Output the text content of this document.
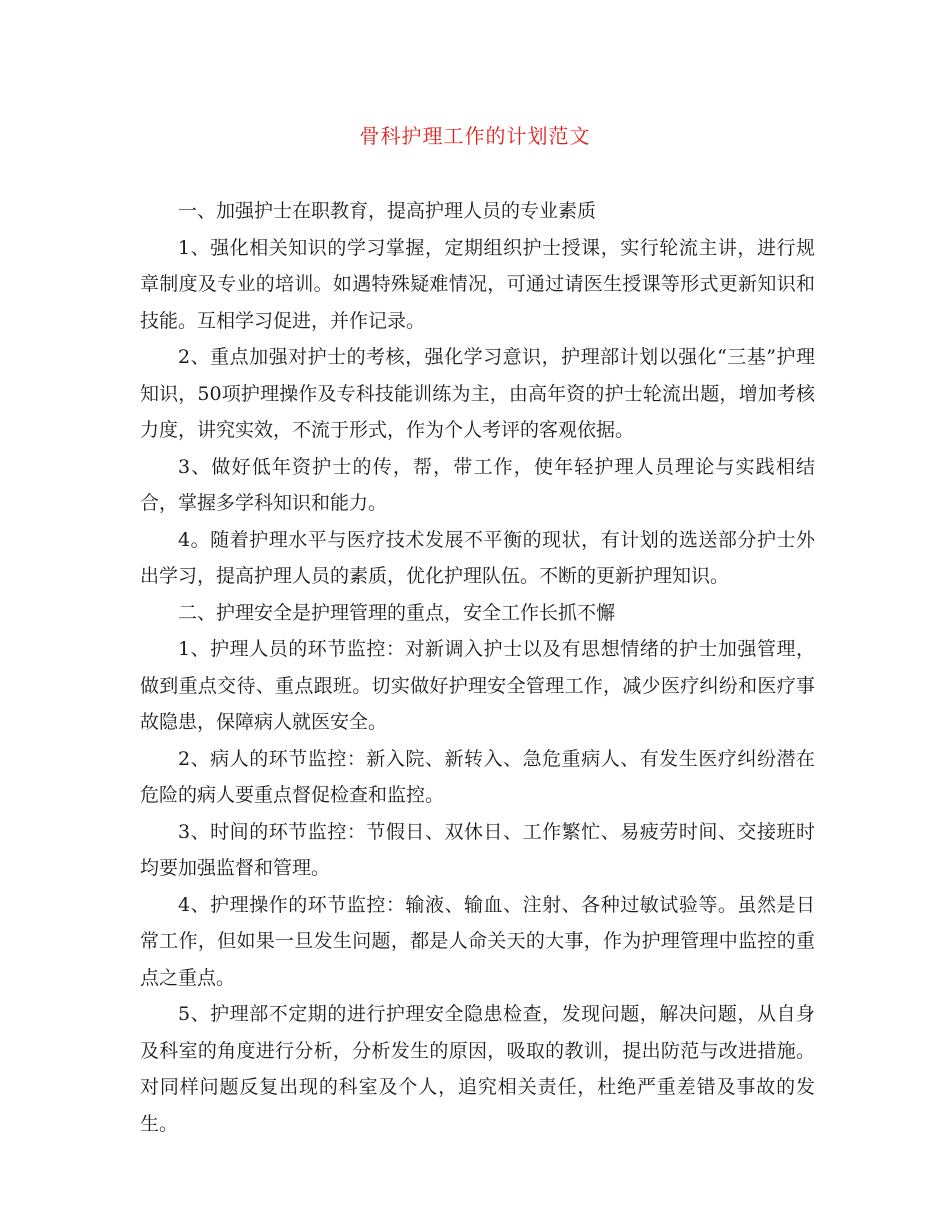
骨科护理工作的计划范文

一、加强护士在职教育，提高护理人员的专业素质

1、强化相关知识的学习掌握，定期组织护士授课，实行轮流主讲，进行规章制度及专业的培训。如遇特殊疑难情况，可通过请医生授课等形式更新知识和技能。互相学习促进，并作记录。

2、重点加强对护士的考核，强化学习意识，护理部计划以强化“三基”护理知识，50项护理操作及专科技能训练为主，由高年资的护士轮流出题，增加考核力度，讲究实效，不流于形式，作为个人考评的客观依据。

3、做好低年资护士的传，帮，带工作，使年轻护理人员理论与实践相结合，掌握多学科知识和能力。

4。随着护理水平与医疗技术发展不平衡的现状，有计划的选送部分护士外出学习，提高护理人员的素质，优化护理队伍。不断的更新护理知识。

二、护理安全是护理管理的重点，安全工作长抓不懈

1、护理人员的环节监控：对新调入护士以及有思想情绪的护士加强管理，做到重点交待、重点跟班。切实做好护理安全管理工作，减少医疗纠纷和医疗事故隐患，保障病人就医安全。

2、病人的环节监控：新入院、新转入、急危重病人、有发生医疗纠纷潜在危险的病人要重点督促检查和监控。

3、时间的环节监控：节假日、双休日、工作繁忙、易疲劳时间、交接班时均要加强监督和管理。

4、护理操作的环节监控：输液、输血、注射、各种过敏试验等。虽然是日常工作，但如果一旦发生问题，都是人命关天的大事，作为护理管理中监控的重点之重点。

5、护理部不定期的进行护理安全隐患检查，发现问题，解决问题，从自身及科室的角度进行分析，分析发生的原因，吸取的教训，提出防范与改进措施。对同样问题反复出现的科室及个人，追究相关责任，杜绝严重差错及事故的发生。
